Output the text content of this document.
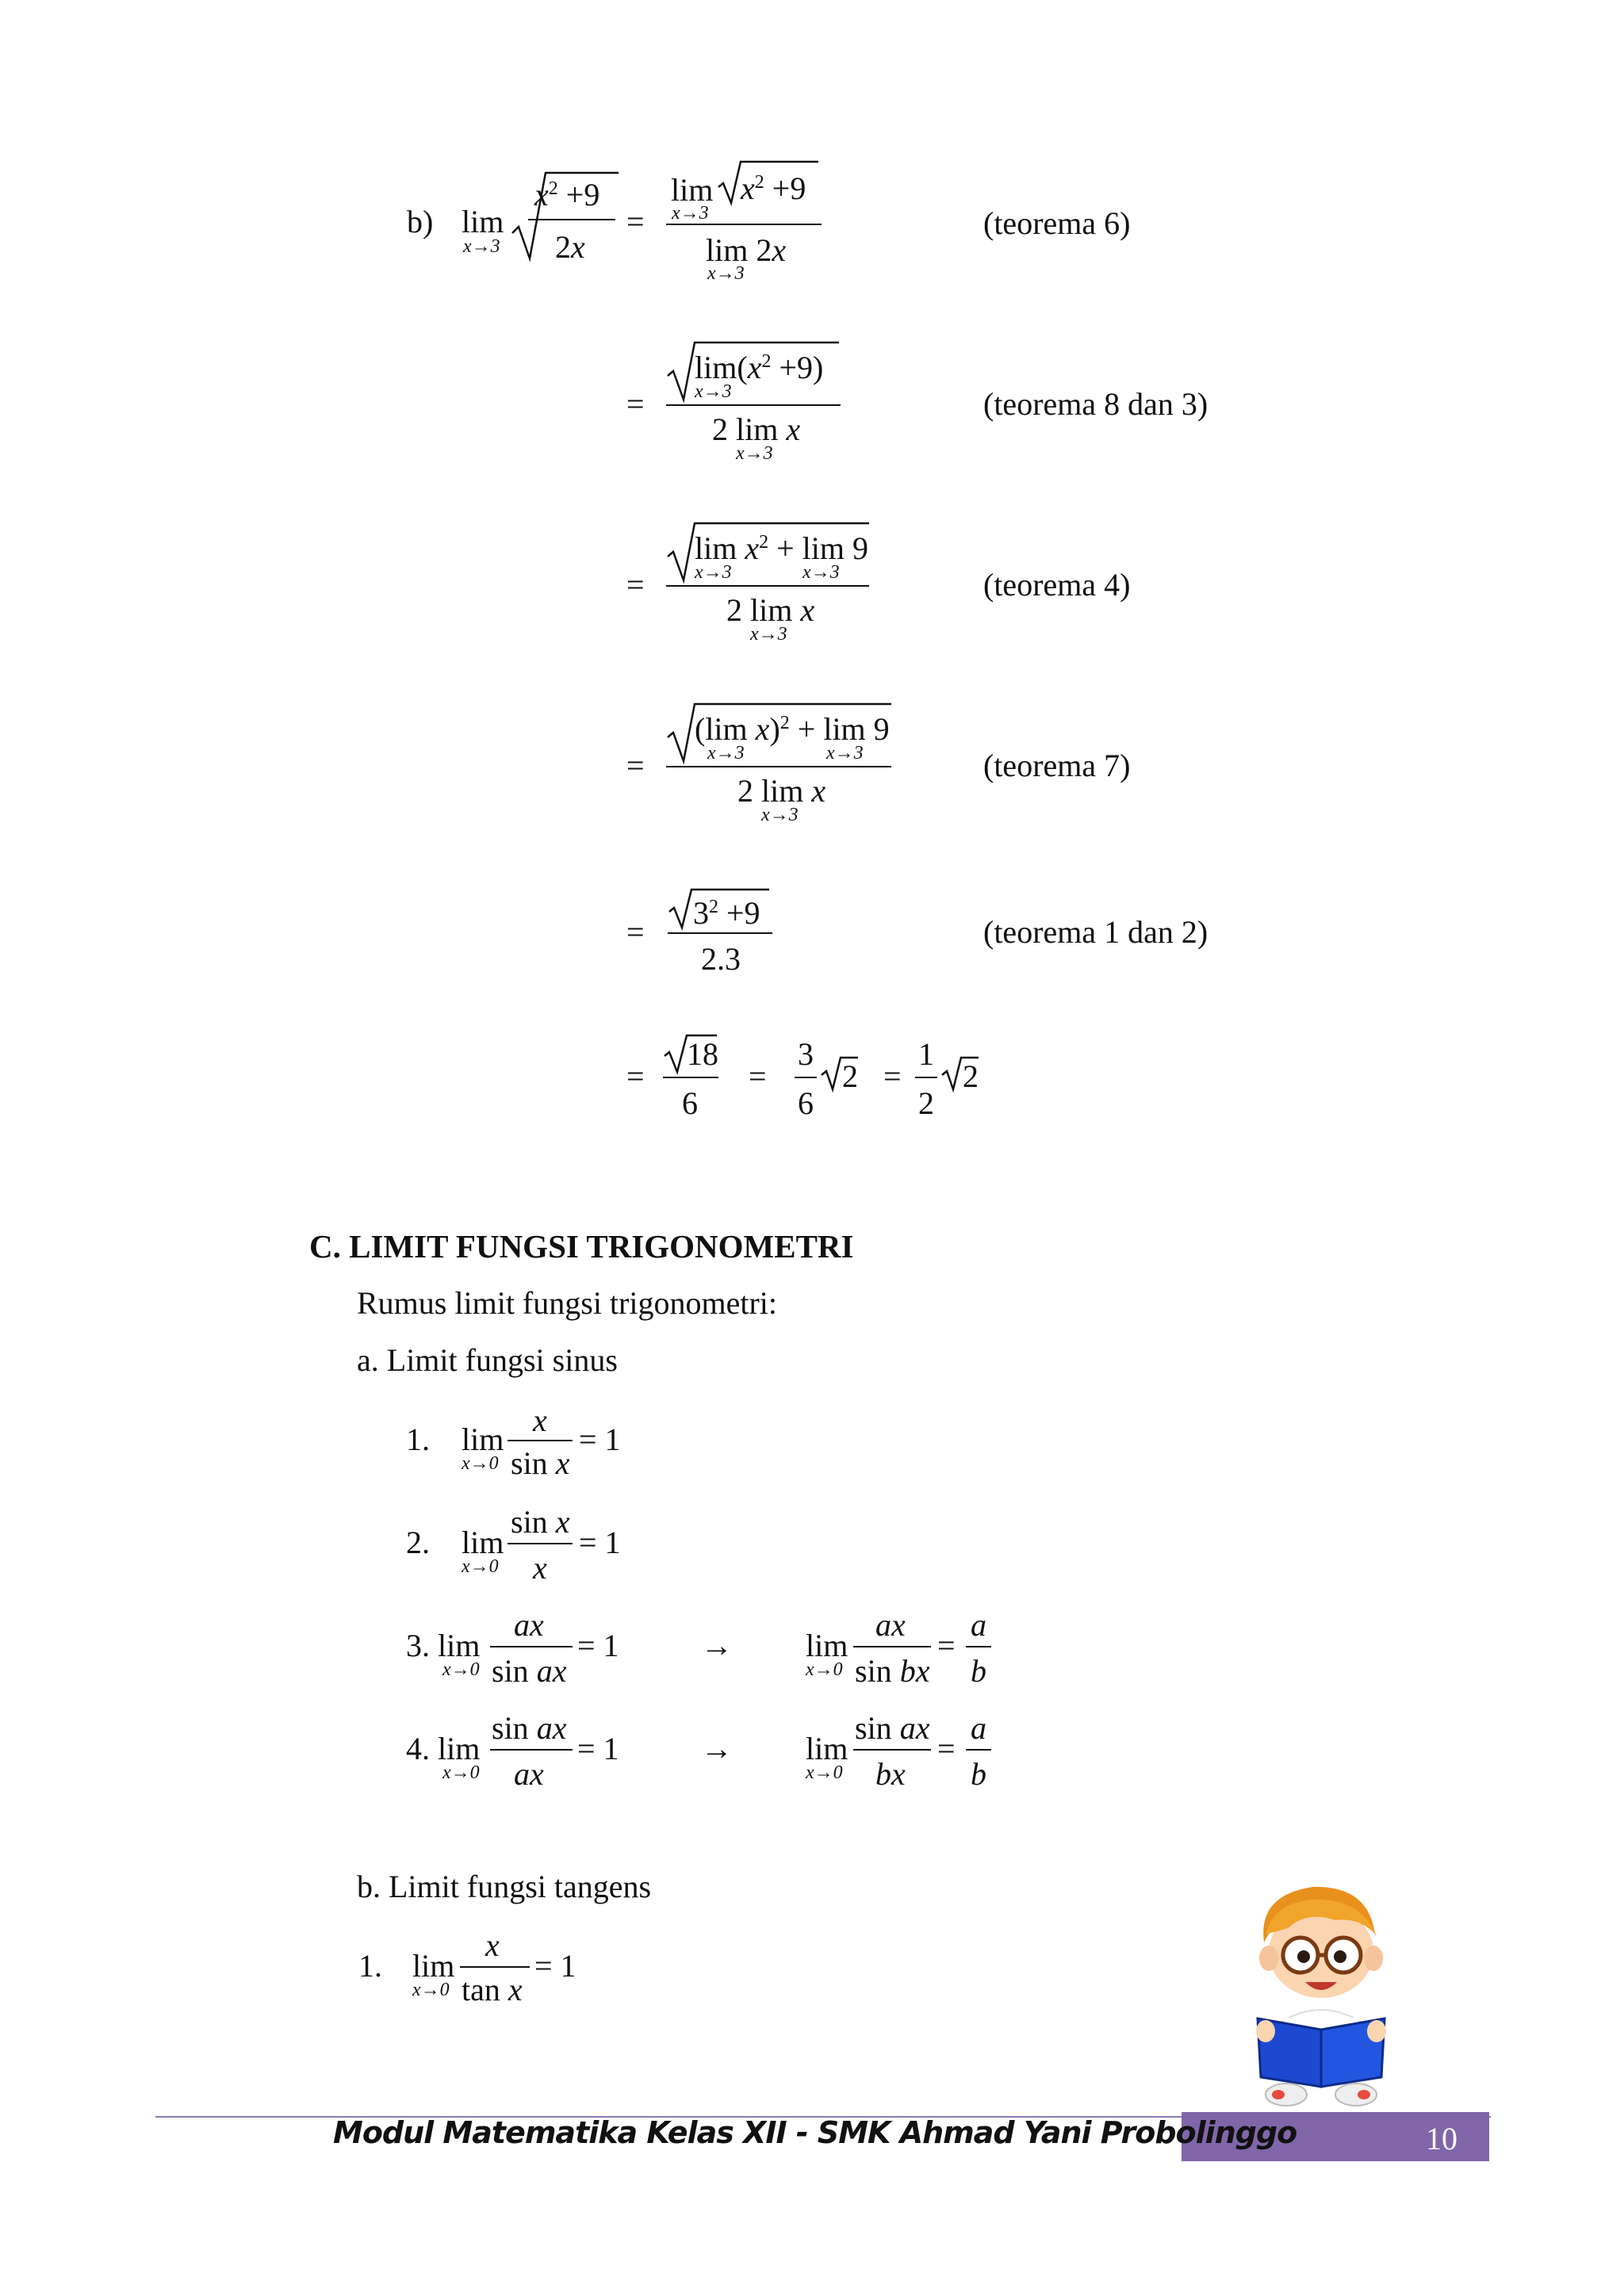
b) lim
x→3
$x^2 +9$
2x
=
lim
x→3
$x^2 +9$
lim 2x
x→3
(teorema 6)
=
$\lim(x^2 +9)$
x→3
2 lim x
x→3
(teorema 8 dan 3)
=
$\lim x^2 + \lim 9$
x→3	x→3
2 lim x
x→3
(teorema 4)
=
(lim x)$^2$ + lim 9
x→3	x→3
2 lim x
x→3
(teorema 7)
=
$3^2 +9$
2.3
(teorema 1 dan 2)
=
18
6
=
3
6
2 =
1
2
2
C. LIMIT FUNGSI TRIGONOMETRI
Rumus limit fungsi trigonometri:
a. Limit fungsi sinus
1. lim
x→0
x
sin x
= 1
2. lim
x→0
sin x
x
= 1
3. lim
x→0
ax
sin ax
= 1	→ lim
x→0
ax
sin bx
=
a
b
4. lim
x→0
sin ax
ax
= 1	→ lim
x→0
sin ax
bx
=
a
b
b. Limit fungsi tangens
1. lim
x→0
x
tan x
= 1
10
Modul Matematika Kelas XII - SMK Ahmad Yani Probolinggo
